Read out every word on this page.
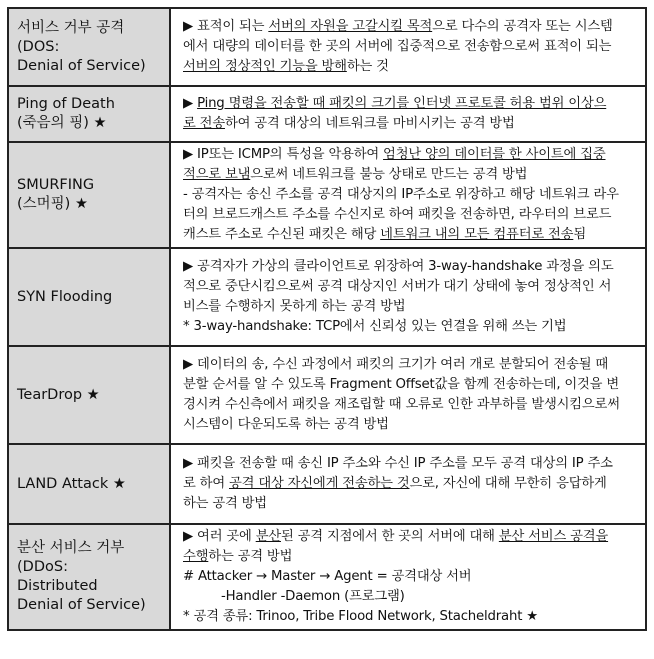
서비스 거부 공격
(DOS:
Denial of Service)	▶ 표적이 되는 서버의 자원을 고갈시킬 목적으로 다수의 공격자 또는 시스템
에서 대량의 데이터를 한 곳의 서버에 집중적으로 전송함으로써 표적이 되는
서버의 정상적인 기능을 방해하는 것

Ping of Death
(죽음의 핑) ★	▶ Ping 명령을 전송할 때 패킷의 크기를 인터넷 프로토콜 허용 범위 이상으
로 전송하여 공격 대상의 네트워크를 마비시키는 공격 방법

SMURFING
(스머핑) ★	▶ IP또는 ICMP의 특성을 악용하여 엄청난 양의 데이터를 한 사이트에 집중
적으로 보냄으로써 네트워크를 불능 상태로 만드는 공격 방법
- 공격자는 송신 주소를 공격 대상지의 IP주소로 위장하고 해당 네트워크 라우
터의 브로드캐스트 주소를 수신지로 하여 패킷을 전송하면, 라우터의 브로드
캐스트 주소로 수신된 패킷은 해당 네트워크 내의 모든 컴퓨터로 전송됨

SYN Flooding	▶ 공격자가 가상의 클라이언트로 위장하여 3-way-handshake 과정을 의도
적으로 중단시킴으로써 공격 대상지인 서버가 대기 상태에 놓여 정상적인 서
비스를 수행하지 못하게 하는 공격 방법
* 3-way-handshake: TCP에서 신뢰성 있는 연결을 위해 쓰는 기법

TearDrop ★	▶ 데이터의 송, 수신 과정에서 패킷의 크기가 여러 개로 분할되어 전송될 때
분할 순서를 알 수 있도록 Fragment Offset값을 함께 전송하는데, 이것을 변
경시켜 수신측에서 패킷을 재조립할 때 오류로 인한 과부하를 발생시킴으로써
시스템이 다운되도록 하는 공격 방법

LAND Attack ★	▶ 패킷을 전송할 때 송신 IP 주소와 수신 IP 주소를 모두 공격 대상의 IP 주소
로 하여 공격 대상 자신에게 전송하는 것으로, 자신에 대해 무한히 응답하게
하는 공격 방법

분산 서비스 거부
(DDoS:
Distributed
Denial of Service)	▶ 여러 곳에 분산된 공격 지점에서 한 곳의 서버에 대해 분산 서비스 공격을
수행하는 공격 방법
# Attacker → Master → Agent = 공격대상 서버
-Handler -Daemon (프로그램)
* 공격 종류: Trinoo, Tribe Flood Network, Stacheldraht ★
